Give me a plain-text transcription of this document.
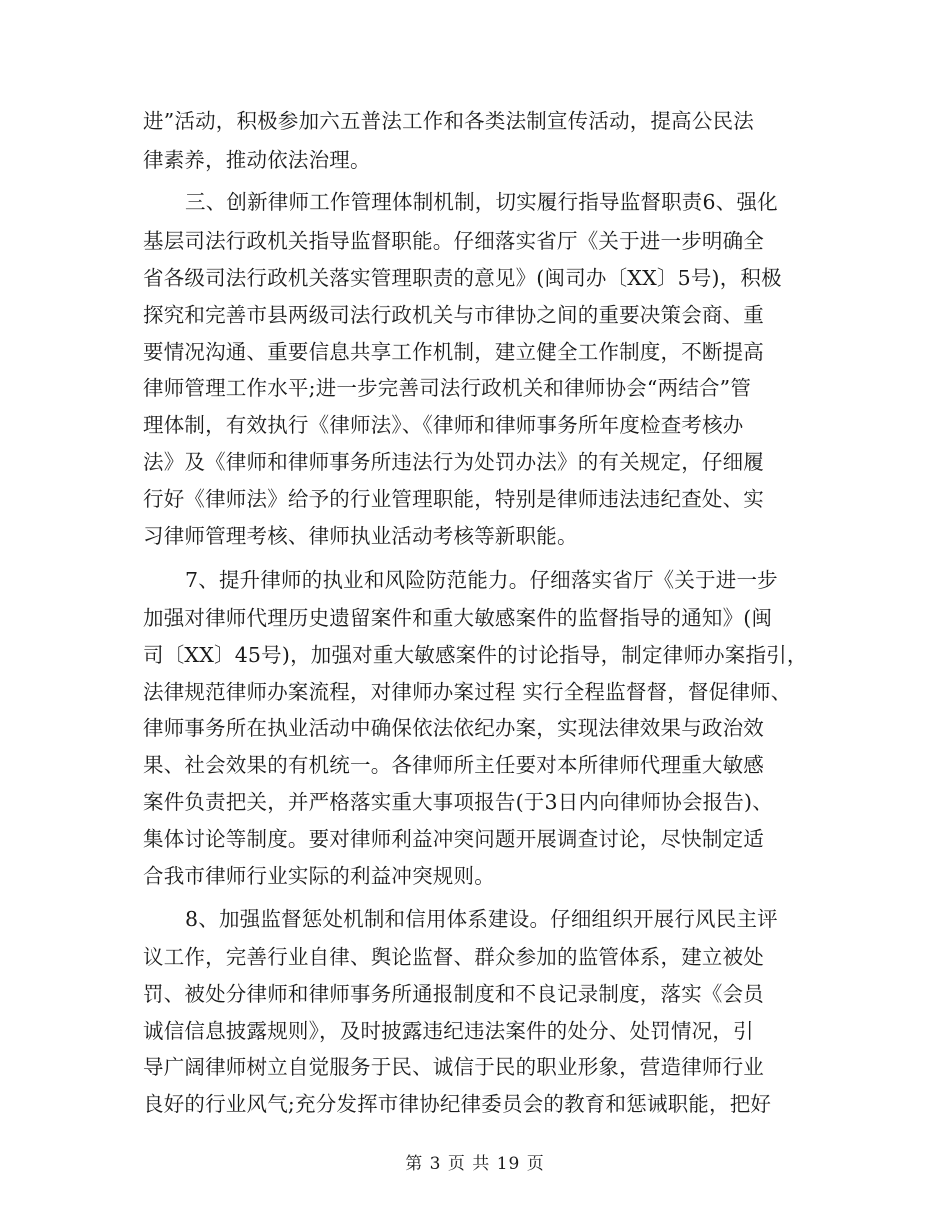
进”活动，积极参加六五普法工作和各类法制宣传活动，提高公民法
律素养，推动依法治理。
三、创新律师工作管理体制机制，切实履行指导监督职责6、强化
基层司法行政机关指导监督职能。仔细落实省厅《关于进一步明确全
省各级司法行政机关落实管理职责的意见》(闽司办〔XX〕5号)，积极
探究和完善市县两级司法行政机关与市律协之间的重要决策会商、重
要情况沟通、重要信息共享工作机制，建立健全工作制度，不断提高
律师管理工作水平;进一步完善司法行政机关和律师协会“两结合”管
理体制，有效执行《律师法》、《律师和律师事务所年度检查考核办
法》及《律师和律师事务所违法行为处罚办法》的有关规定，仔细履
行好《律师法》给予的行业管理职能，特别是律师违法违纪查处、实
习律师管理考核、律师执业活动考核等新职能。
7、提升律师的执业和风险防范能力。仔细落实省厅《关于进一步
加强对律师代理历史遗留案件和重大敏感案件的监督指导的通知》(闽
司〔XX〕45号)，加强对重大敏感案件的讨论指导，制定律师办案指引，
法律规范律师办案流程，对律师办案过程 实行全程监督督，督促律师、
律师事务所在执业活动中确保依法依纪办案，实现法律效果与政治效
果、社会效果的有机统一。各律师所主任要对本所律师代理重大敏感
案件负责把关，并严格落实重大事项报告(于3日内向律师协会报告)、
集体讨论等制度。要对律师利益冲突问题开展调查讨论，尽快制定适
合我市律师行业实际的利益冲突规则。
8、加强监督惩处机制和信用体系建设。仔细组织开展行风民主评
议工作，完善行业自律、舆论监督、群众参加的监管体系，建立被处
罚、被处分律师和律师事务所通报制度和不良记录制度，落实《会员
诚信信息披露规则》，及时披露违纪违法案件的处分、处罚情况，引
导广阔律师树立自觉服务于民、诚信于民的职业形象，营造律师行业
良好的行业风气;充分发挥市律协纪律委员会的教育和惩诫职能，把好
第 3 页 共 19 页
